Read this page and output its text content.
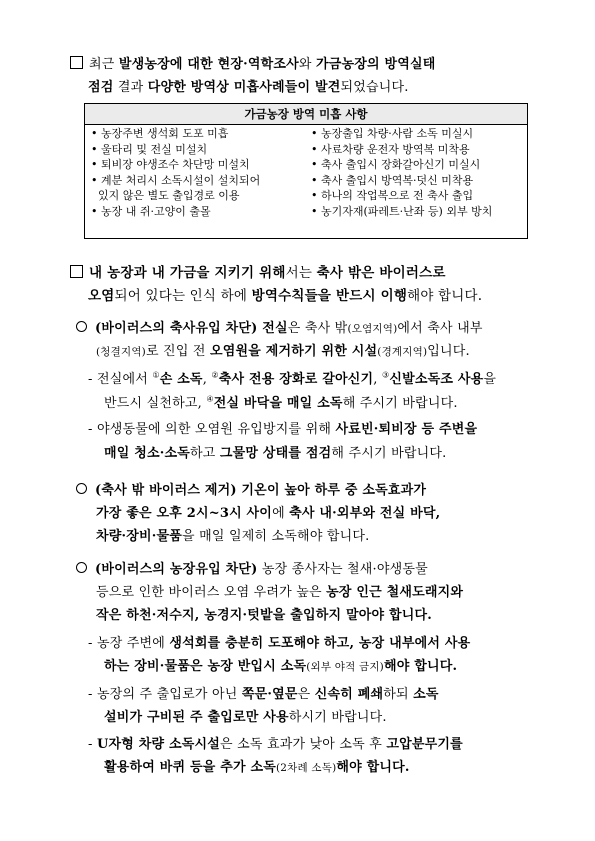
최근 발생농장에 대한 현장·역학조사와 가금농장의 방역실태
점검 결과 다양한 방역상 미흡사례들이 발견되었습니다.
가금농장 방역 미흡 사항
• 농장주변 생석회 도포 미흡
• 울타리 및 전실 미설치
• 퇴비장 야생조수 차단망 미설치
• 계분 처리시 소독시설이 설치되어
있지 않은 별도 출입경로 이용
• 농장 내 쥐·고양이 출몰
• 농장출입 차량·사람 소독 미실시
• 사료차량 운전자 방역복 미착용
• 축사 출입시 장화갈아신기 미실시
• 축사 출입시 방역복·덧신 미착용
• 하나의 작업복으로 전 축사 출입
• 농기자재(파레트·난좌 등) 외부 방치
내 농장과 내 가금을 지키기 위해서는 축사 밖은 바이러스로
오염되어 있다는 인식 하에 방역수칙들을 반드시 이행해야 합니다.
(바이러스의 축사유입 차단) 전실은 축사 밖(오염지역)에서 축사 내부
(청결지역)로 진입 전 오염원을 제거하기 위한 시설(경계지역)입니다.
- 전실에서 ①손 소독, ②축사 전용 장화로 갈아신기, ③신발소독조 사용을
반드시 실천하고, ④전실 바닥을 매일 소독해 주시기 바랍니다.
- 야생동물에 의한 오염원 유입방지를 위해 사료빈·퇴비장 등 주변을
매일 청소·소독하고 그물망 상태를 점검해 주시기 바랍니다.
(축사 밖 바이러스 제거) 기온이 높아 하루 중 소독효과가
가장 좋은 오후 2시~3시 사이에 축사 내·외부와 전실 바닥,
차량·장비·물품을 매일 일제히 소독해야 합니다.
(바이러스의 농장유입 차단) 농장 종사자는 철새·야생동물
등으로 인한 바이러스 오염 우려가 높은 농장 인근 철새도래지와
작은 하천·저수지, 농경지·텃밭을 출입하지 말아야 합니다.
- 농장 주변에 생석회를 충분히 도포해야 하고, 농장 내부에서 사용
하는 장비·물품은 농장 반입시 소독(외부 야적 금지)해야 합니다.
- 농장의 주 출입로가 아닌 쪽문·옆문은 신속히 폐쇄하되 소독
설비가 구비된 주 출입로만 사용하시기 바랍니다.
- U자형 차량 소독시설은 소독 효과가 낮아 소독 후 고압분무기를
활용하여 바퀴 등을 추가 소독(2차례 소독)해야 합니다.
